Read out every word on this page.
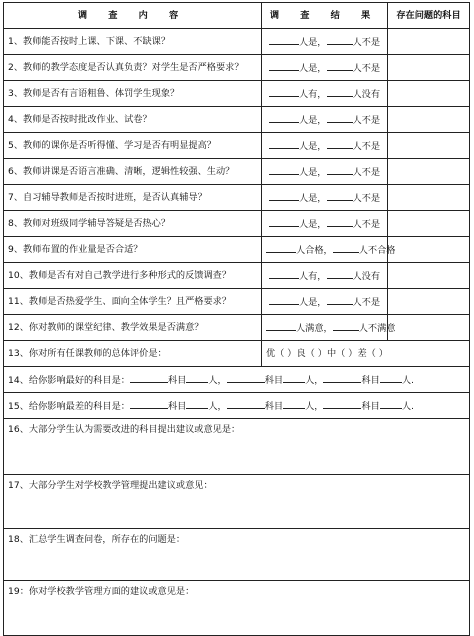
调 查 内 容	调 查 结 果	存在问题的科目
1、教师能否按时上课、下课、不缺课？	人是， 人不是	
2、教师的教学态度是否认真负责？对学生是否严格要求？	人是， 人不是	
3、教师是否有言语粗鲁、体罚学生现象？	人有， 人没有	
4、教师是否按时批改作业、试卷？	人是， 人不是	
5、教师的课你是否听得懂、学习是否有明显提高？	人是， 人不是	
6、教师讲课是否语言准确、清晰，逻辑性较强、生动？	人是， 人不是	
7、自习辅导教师是否按时进班，是否认真辅导？	人是， 人不是	
8、教师对班级同学辅导答疑是否热心？	人是， 人不是	
9、教师布置的作业量是否合适？	人合格， 人不合格	
10、教师是否有对自己教学进行多种形式的反馈调查？	人有， 人没有	
11、教师是否热爱学生、面向全体学生？且严格要求？	人是， 人不是	
12、你对教师的课堂纪律、教学效果是否满意？	人满意， 人不满意	
13、你对所有任课教师的总体评价是：	优（ ）良（ ）中（ ）差（ ）	
14、给你影响最好的科目是： 科目 人， 科目 人， 科目 人.		
15、给你影响最差的科目是： 科目 人， 科目 人， 科目 人.		
16、大部分学生认为需要改进的科目提出建议或意见是：		
17、大部分学生对学校教学管理提出建议或意见：		
18、汇总学生调查问卷，所存在的问题是：		
19：你对学校教学管理方面的建议或意见是：		
